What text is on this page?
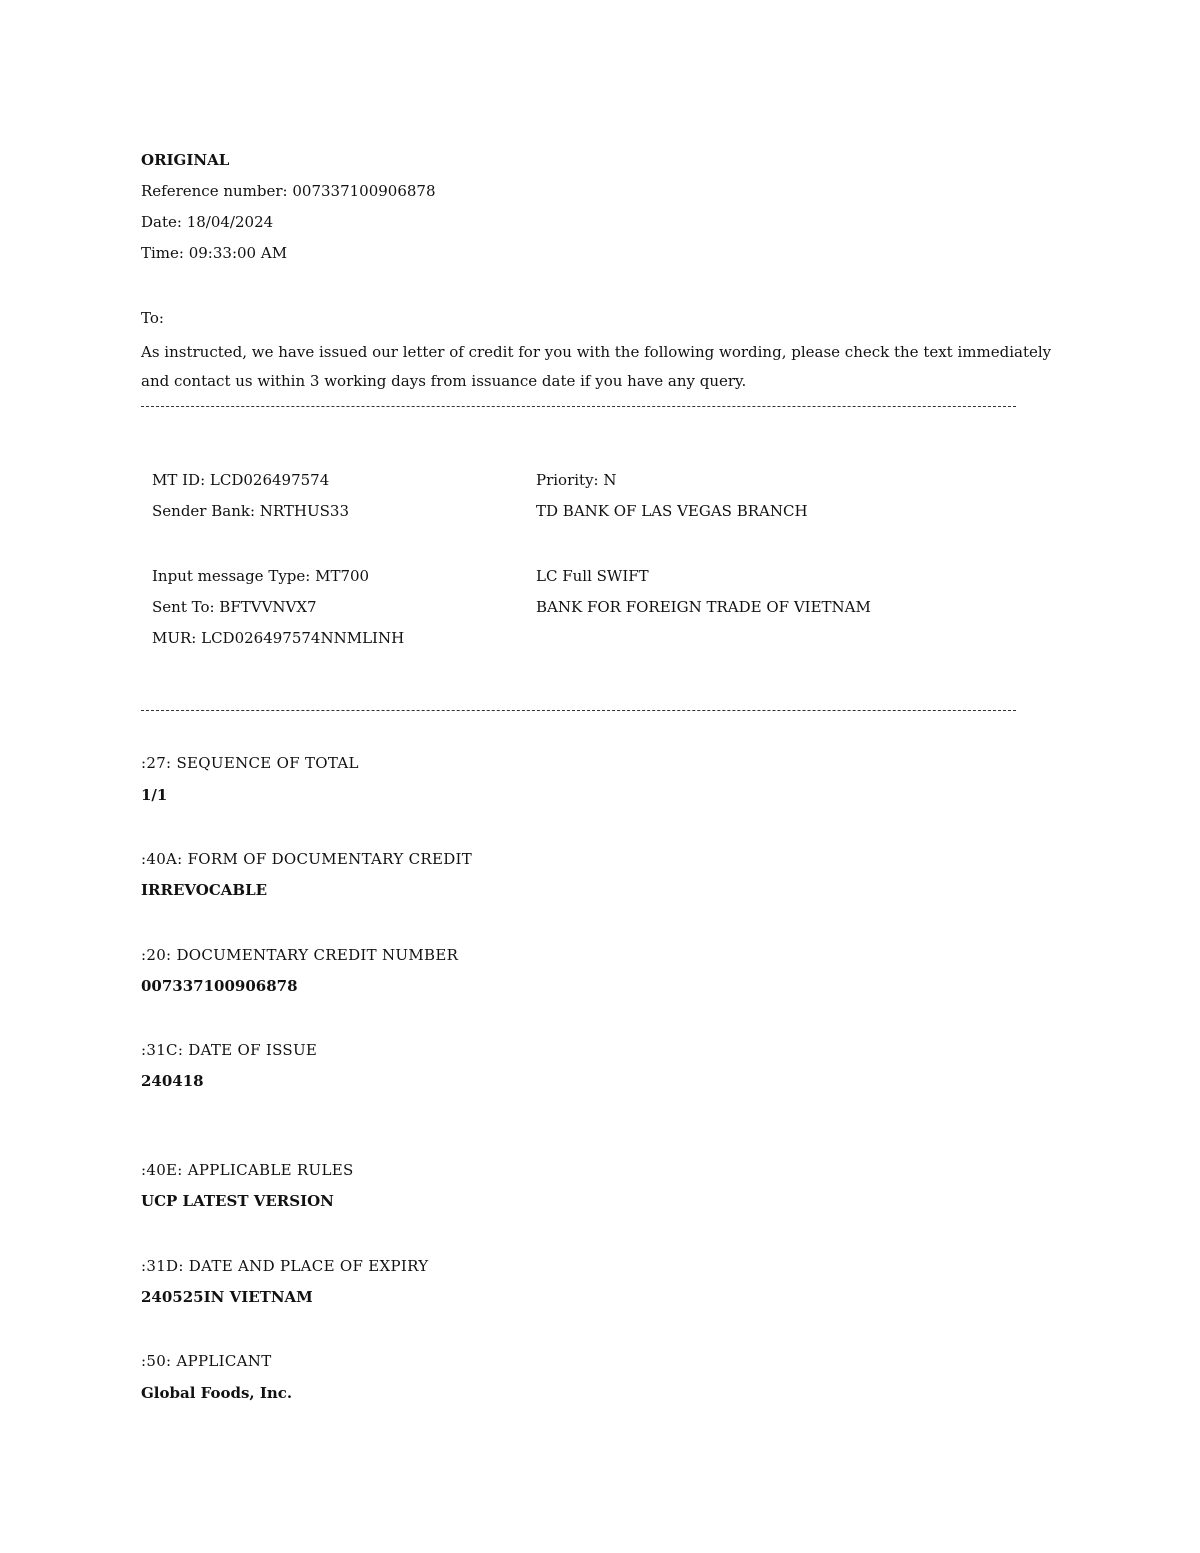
ORIGINAL
Reference number: 007337100906878
Date: 18/04/2024
Time: 09:33:00 AM
To:
As instructed, we have issued our letter of credit for you with the following wording, please check the text immediately and contact us within 3 working days from issuance date if you have any query.
MT ID: LCD026497574	Priority: N
Sender Bank: NRTHUS33	TD BANK OF LAS VEGAS BRANCH
Input message Type: MT700	LC Full SWIFT
Sent To: BFTVVNVX7	BANK FOR FOREIGN TRADE OF VIETNAM
MUR: LCD026497574NNMLINH
:27: SEQUENCE OF TOTAL
1/1
:40A: FORM OF DOCUMENTARY CREDIT
IRREVOCABLE
:20: DOCUMENTARY CREDIT NUMBER
007337100906878
:31C: DATE OF ISSUE
240418
:40E: APPLICABLE RULES
UCP LATEST VERSION
:31D: DATE AND PLACE OF EXPIRY
240525IN VIETNAM
:50: APPLICANT
Global Foods, Inc.
